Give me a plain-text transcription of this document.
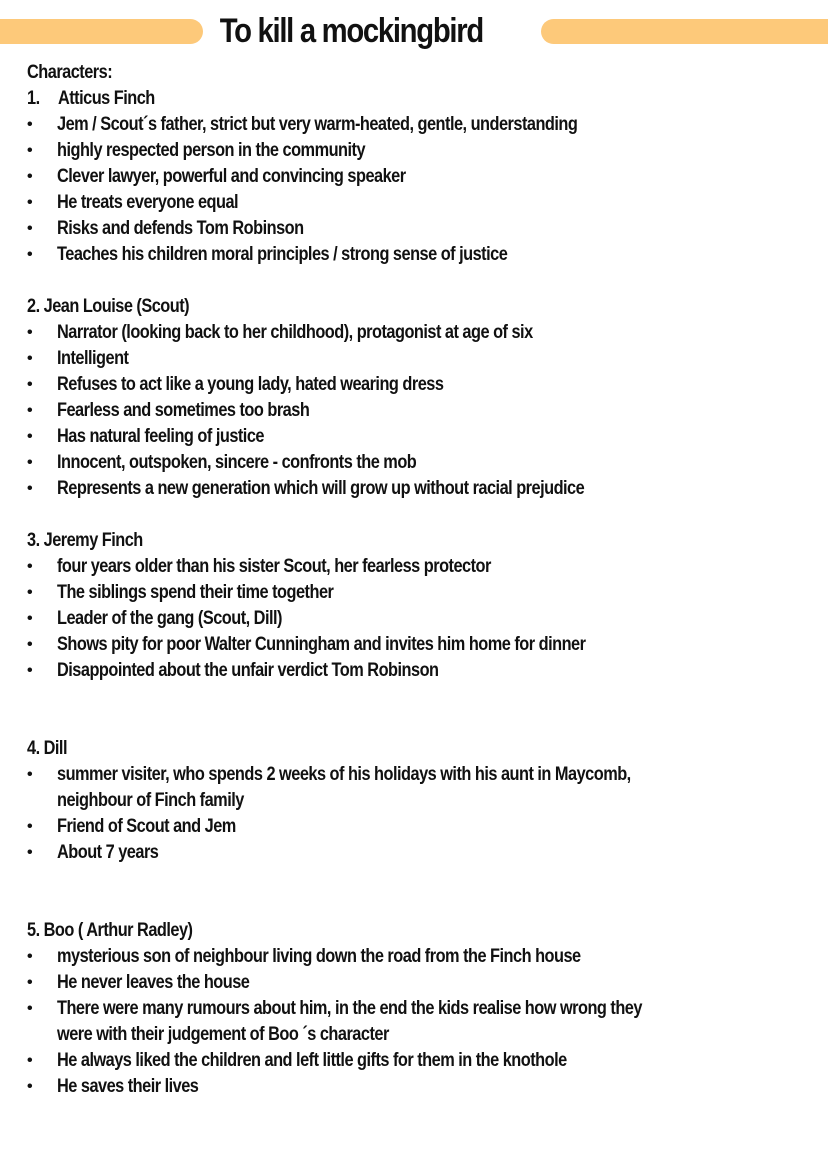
To kill a mockingbird
Characters:
1. Atticus Finch
• Jem / Scout´s father, strict but very warm-heated, gentle, understanding
• highly respected person in the community
• Clever lawyer, powerful and convincing speaker
• He treats everyone equal
• Risks and defends Tom Robinson
• Teaches his children moral principles / strong sense of justice
2. Jean Louise (Scout)
• Narrator (looking back to her childhood), protagonist at age of six
• Intelligent
• Refuses to act like a young lady, hated wearing dress
• Fearless and sometimes too brash
• Has natural feeling of justice
• Innocent, outspoken, sincere - confronts the mob
• Represents a new generation which will grow up without racial prejudice
3. Jeremy Finch
• four years older than his sister Scout, her fearless protector
• The siblings spend their time together
• Leader of the gang (Scout, Dill)
• Shows pity for poor Walter Cunningham and invites him home for dinner
• Disappointed about the unfair verdict Tom Robinson
4. Dill
• summer visiter, who spends 2 weeks of his holidays with his aunt in Maycomb,
neighbour of Finch family
• Friend of Scout and Jem
• About 7 years
5. Boo ( Arthur Radley)
• mysterious son of neighbour living down the road from the Finch house
• He never leaves the house
• There were many rumours about him, in the end the kids realise how wrong they
were with their judgement of Boo ´s character
• He always liked the children and left little gifts for them in the knothole
• He saves their lives
